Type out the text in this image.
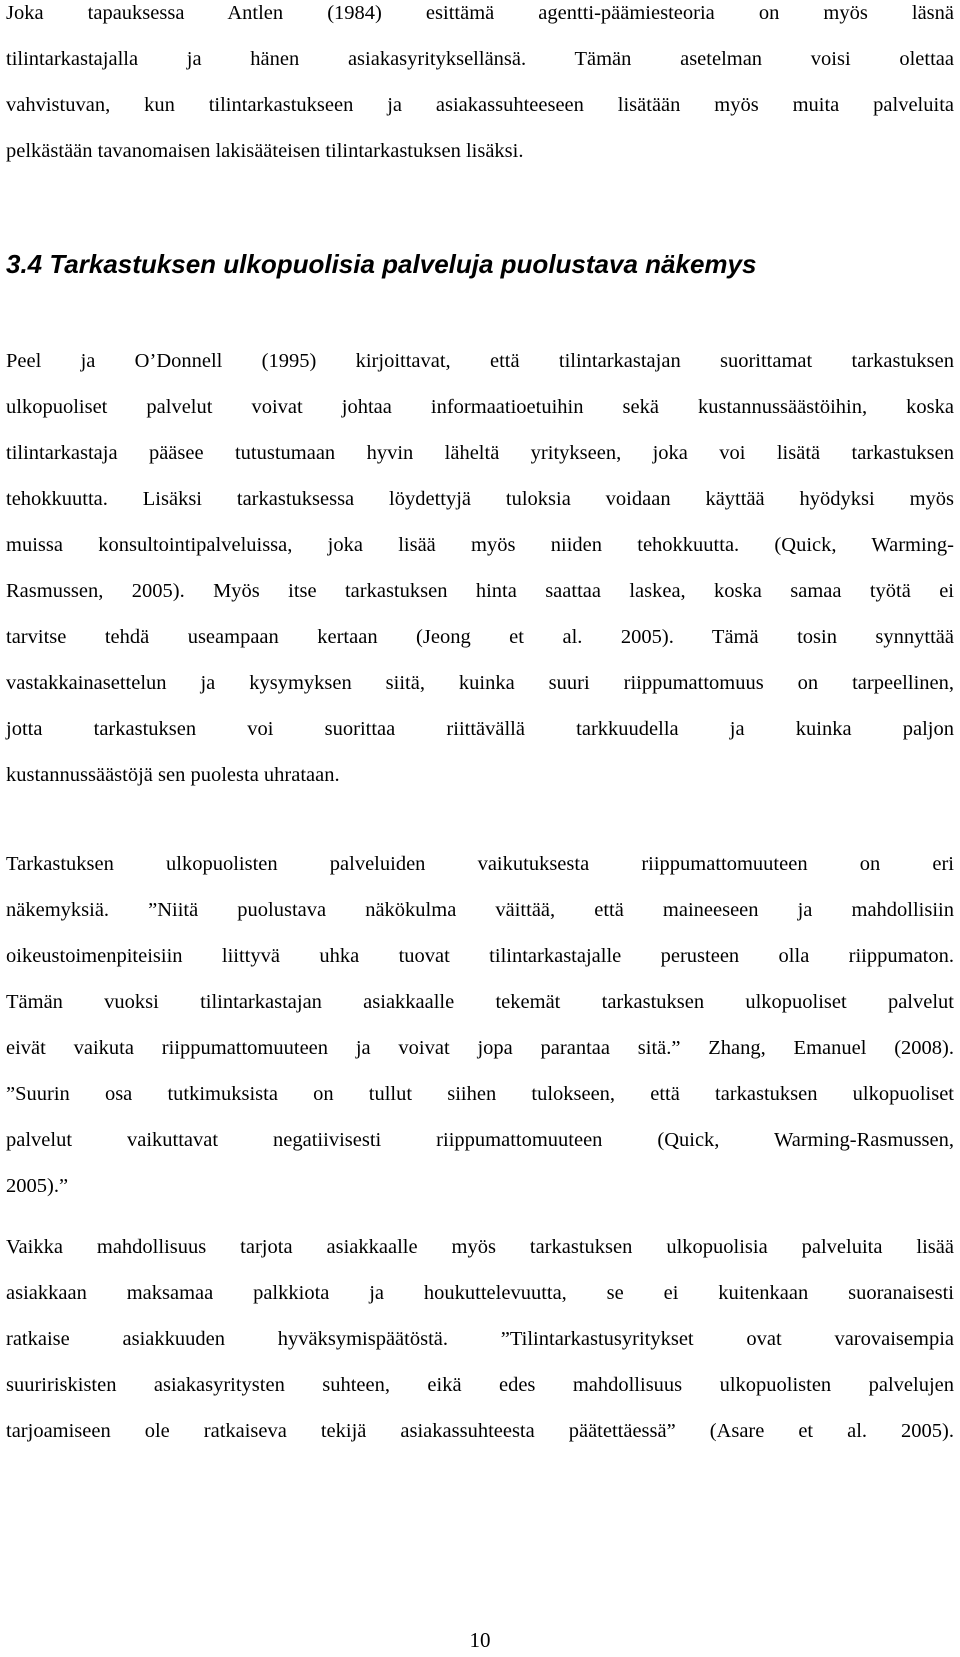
Joka tapauksessa Antlen (1984) esittämä agentti-päämiesteoria on myös läsnä
tilintarkastajalla ja hänen asiakasyrityksellänsä. Tämän asetelman voisi olettaa
vahvistuvan, kun tilintarkastukseen ja asiakassuhteeseen lisätään myös muita palveluita
pelkästään tavanomaisen lakisääteisen tilintarkastuksen lisäksi.

3.4 Tarkastuksen ulkopuolisia palveluja puolustava näkemys

Peel ja O’Donnell (1995) kirjoittavat, että tilintarkastajan suorittamat tarkastuksen
ulkopuoliset palvelut voivat johtaa informaatioetuihin sekä kustannussäästöihin, koska
tilintarkastaja pääsee tutustumaan hyvin läheltä yritykseen, joka voi lisätä tarkastuksen
tehokkuutta. Lisäksi tarkastuksessa löydettyjä tuloksia voidaan käyttää hyödyksi myös
muissa konsultointipalveluissa, joka lisää myös niiden tehokkuutta. (Quick, Warming-
Rasmussen, 2005). Myös itse tarkastuksen hinta saattaa laskea, koska samaa työtä ei
tarvitse tehdä useampaan kertaan (Jeong et al. 2005). Tämä tosin synnyttää
vastakkainasettelun ja kysymyksen siitä, kuinka suuri riippumattomuus on tarpeellinen,
jotta tarkastuksen voi suorittaa riittävällä tarkkuudella ja kuinka paljon
kustannussäästöjä sen puolesta uhrataan.

Tarkastuksen ulkopuolisten palveluiden vaikutuksesta riippumattomuuteen on eri
näkemyksiä. ”Niitä puolustava näkökulma väittää, että maineeseen ja mahdollisiin
oikeustoimenpiteisiin liittyvä uhka tuovat tilintarkastajalle perusteen olla riippumaton.
Tämän vuoksi tilintarkastajan asiakkaalle tekemät tarkastuksen ulkopuoliset palvelut
eivät vaikuta riippumattomuuteen ja voivat jopa parantaa sitä.” Zhang, Emanuel (2008).
”Suurin osa tutkimuksista on tullut siihen tulokseen, että tarkastuksen ulkopuoliset
palvelut vaikuttavat negatiivisesti riippumattomuuteen (Quick, Warming-Rasmussen,
2005).”

Vaikka mahdollisuus tarjota asiakkaalle myös tarkastuksen ulkopuolisia palveluita lisää
asiakkaan maksamaa palkkiota ja houkuttelevuutta, se ei kuitenkaan suoranaisesti
ratkaise asiakkuuden hyväksymispäätöstä. ”Tilintarkastusyritykset ovat varovaisempia
suuririskisten asiakasyritysten suhteen, eikä edes mahdollisuus ulkopuolisten palvelujen
tarjoamiseen ole ratkaiseva tekijä asiakassuhteesta päätettäessä” (Asare et al. 2005).

10
